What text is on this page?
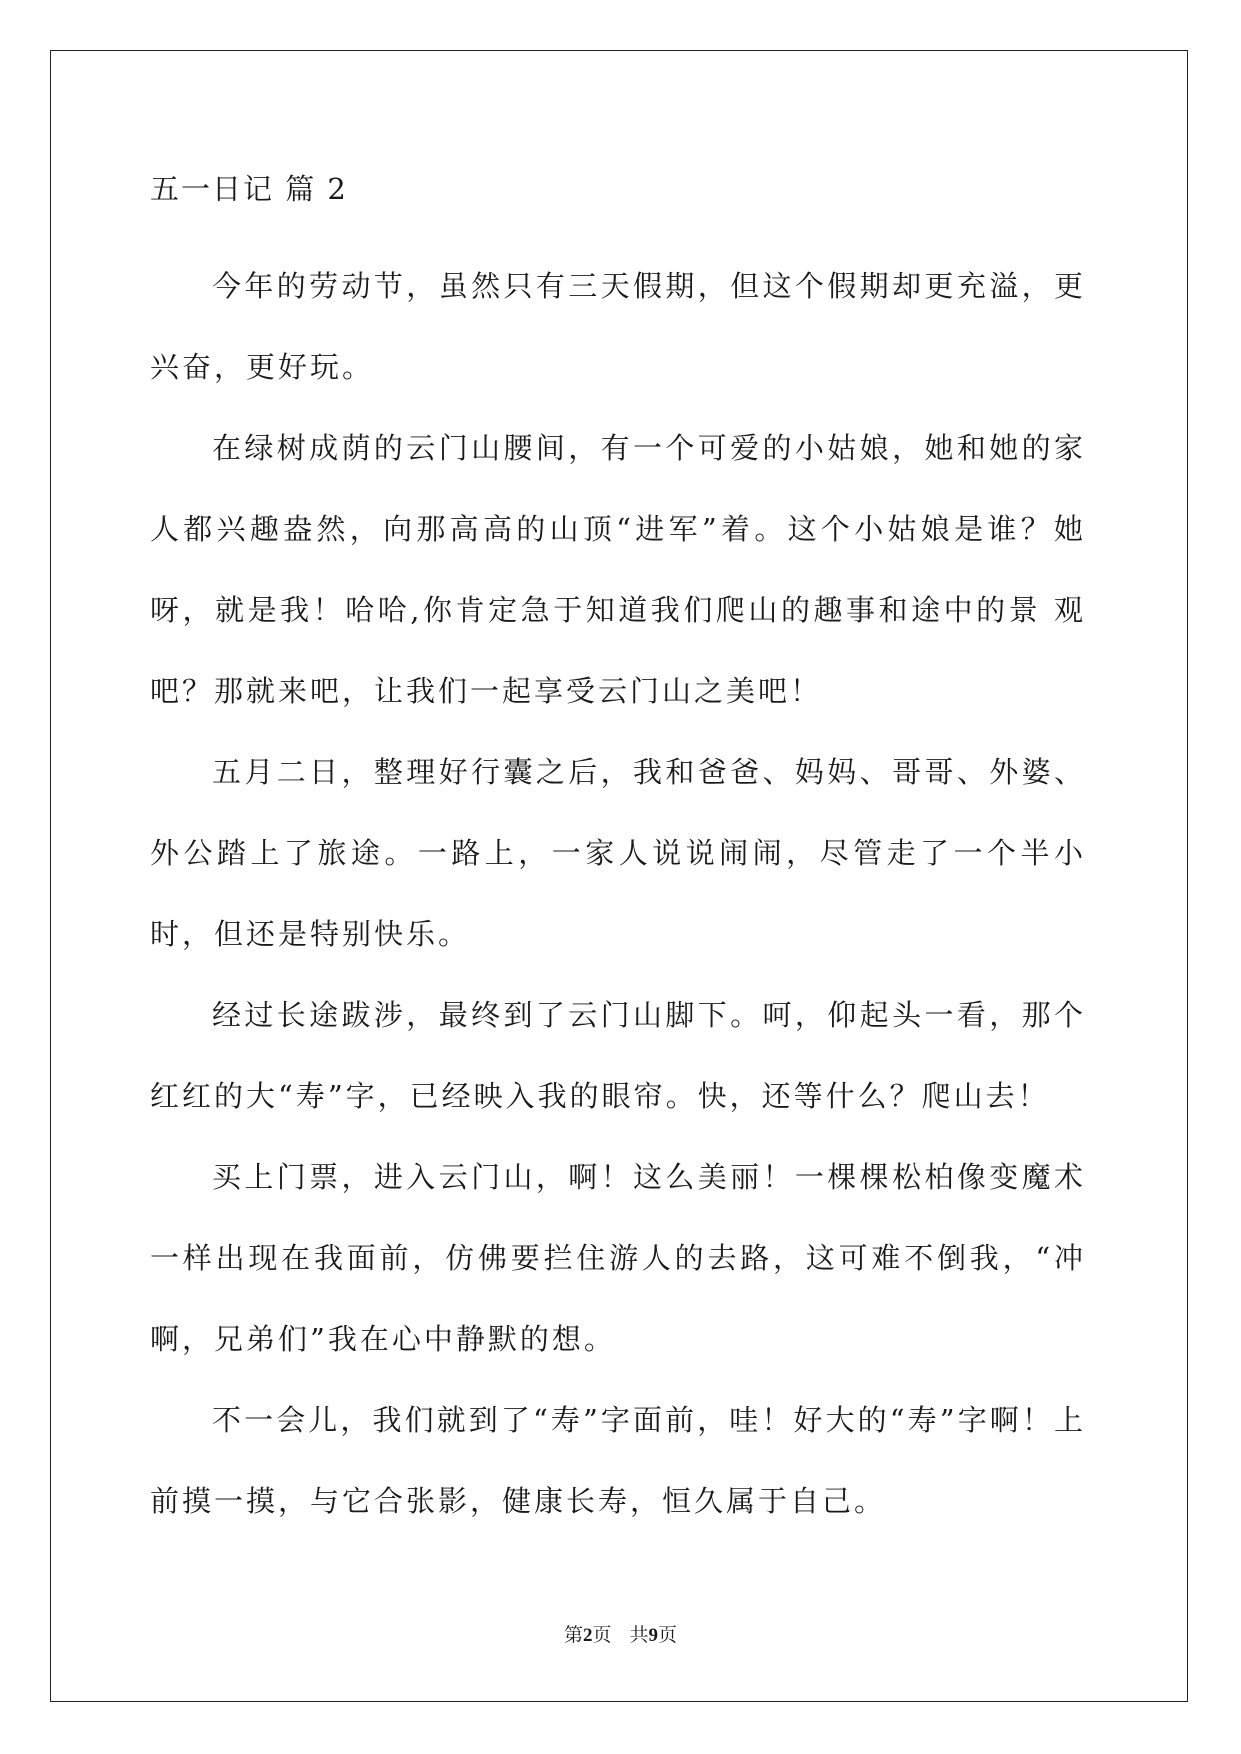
五一日记 篇 2

今年的劳动节，虽然只有三天假期，但这个假期却更充溢，更兴奋，更好玩。

在绿树成荫的云门山腰间，有一个可爱的小姑娘，她和她的家人都兴趣盎然，向那高高的山顶“进军”着。这个小姑娘是谁？她呀，就是我！哈哈,你肯定急于知道我们爬山的趣事和途中的景 观吧？那就来吧，让我们一起享受云门山之美吧！

五月二日，整理好行囊之后，我和爸爸、妈妈、哥哥、外婆、外公踏上了旅途。一路上，一家人说说闹闹，尽管走了一个半小时，但还是特别快乐。

经过长途跋涉，最终到了云门山脚下。呵，仰起头一看，那个红红的大“寿”字，已经映入我的眼帘。快，还等什么？爬山去！

买上门票，进入云门山，啊！这么美丽！一棵棵松柏像变魔术一样出现在我面前，仿佛要拦住游人的去路，这可难不倒我，“冲啊，兄弟们”我在心中静默的想。

不一会儿，我们就到了“寿”字面前，哇！好大的“寿”字啊！上前摸一摸，与它合张影，健康长寿，恒久属于自己。

第2页 共9页
